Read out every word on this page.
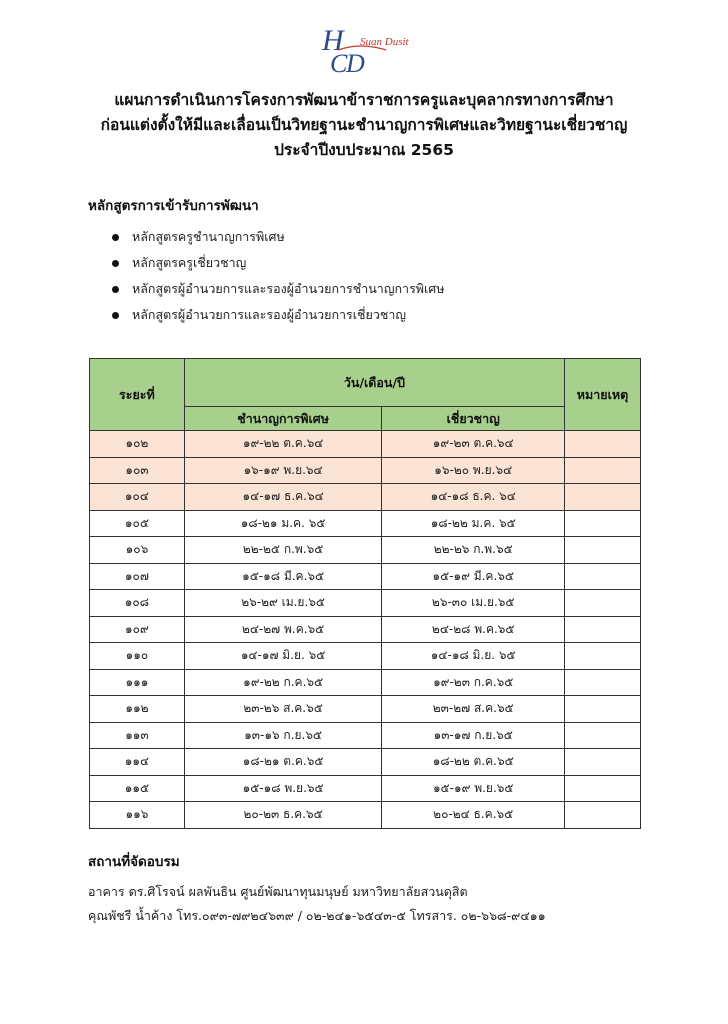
H
C
D
Suan Dusit
แผนการดำเนินการโครงการพัฒนาข้าราชการครูและบุคลากรทางการศึกษา
ก่อนแต่งตั้งให้มีและเลื่อนเป็นวิทยฐานะชำนาญการพิเศษและวิทยฐานะเชี่ยวชาญ
ประจำปีงบประมาณ 2565
หลักสูตรการเข้ารับการพัฒนา
หลักสูตรครูชำนาญการพิเศษ
หลักสูตรครูเชี่ยวชาญ
หลักสูตรผู้อำนวยการและรองผู้อำนวยการชำนาญการพิเศษ
หลักสูตรผู้อำนวยการและรองผู้อำนวยการเชี่ยวชาญ
ระยะที่	วัน/เดือน/ปี		หมายเหตุ
	ชำนาญการพิเศษ	เชี่ยวชาญ	
๑๐๒	๑๙-๒๒ ต.ค.๖๔	๑๙-๒๓ ต.ค.๖๔	
๑๐๓	๑๖-๑๙ พ.ย.๖๔	๑๖-๒๐ พ.ย.๖๔	
๑๐๔	๑๔-๑๗ ธ.ค.๖๔	๑๔-๑๘ ธ.ค. ๖๔	
๑๐๕	๑๘-๒๑ ม.ค. ๖๕	๑๘-๒๒ ม.ค. ๖๕	
๑๐๖	๒๒-๒๕ ก.พ.๖๕	๒๒-๒๖ ก.พ.๖๕	
๑๐๗	๑๕-๑๘ มี.ค.๖๕	๑๕-๑๙ มี.ค.๖๕	
๑๐๘	๒๖-๒๙ เม.ย.๖๕	๒๖-๓๐ เม.ย.๖๕	
๑๐๙	๒๔-๒๗ พ.ค.๖๕	๒๔-๒๘ พ.ค.๖๕	
๑๑๐	๑๔-๑๗ มิ.ย. ๖๕	๑๔-๑๘ มิ.ย. ๖๕	
๑๑๑	๑๙-๒๒ ก.ค.๖๕	๑๙-๒๓ ก.ค.๖๕	
๑๑๒	๒๓-๒๖ ส.ค.๖๕	๒๓-๒๗ ส.ค.๖๕	
๑๑๓	๑๓-๑๖ ก.ย.๖๕	๑๓-๑๗ ก.ย.๖๕	
๑๑๔	๑๘-๒๑ ต.ค.๖๕	๑๘-๒๒ ต.ค.๖๕	
๑๑๕	๑๕-๑๘ พ.ย.๖๕	๑๕-๑๙ พ.ย.๖๕	
๑๑๖	๒๐-๒๓ ธ.ค.๖๕	๒๐-๒๔ ธ.ค.๖๕	
สถานที่จัดอบรม
อาคาร ดร.ศิโรจน์ ผลพันธิน ศูนย์พัฒนาทุนมนุษย์ มหาวิทยาลัยสวนดุสิต
คุณพัชรี น้ำค้าง โทร.๐๙๓-๗๙๒๔๖๓๙ / ๐๒-๒๔๑-๖๕๔๓-๕ โทรสาร. ๐๒-๖๖๘-๙๔๑๑
